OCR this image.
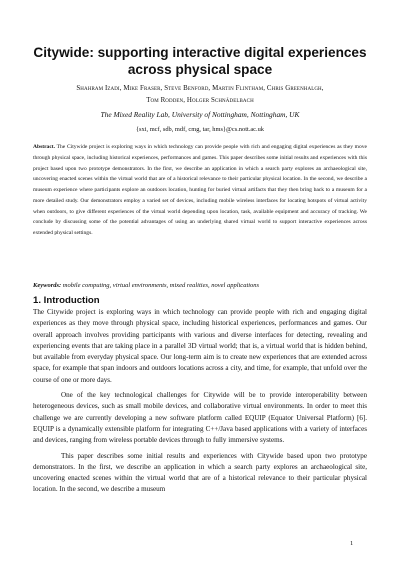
Citywide: supporting interactive digital experiences across physical space
Shahram Izadi, Mike Fraser, Steve Benford, Martin Flintham, Chris Greenhalgh,
Tom Rodden, Holger Schnädelbach
The Mixed Reality Lab, University of Nottingham, Nottingham, UK
{sxi, mcf, sdb, mdf, cmg, tar, hms}@cs.nott.ac.uk
Abstract. The Citywide project is exploring ways in which technology can provide people with rich and engaging digital experiences as they move through physical space, including historical experiences, performances and games. This paper describes some initial results and experiences with this project based upon two prototype demonstrators. In the first, we describe an application in which a search party explores an archaeological site, uncovering enacted scenes within the virtual world that are of a historical relevance to their particular physical location. In the second, we describe a museum experience where participants explore an outdoors location, hunting for buried virtual artifacts that they then bring back to a museum for a more detailed study. Our demonstrators employ a varied set of devices, including mobile wireless interfaces for locating hotspots of virtual activity when outdoors, to give different experiences of the virtual world depending upon location, task, available equipment and accuracy of tracking. We conclude by discussing some of the potential advantages of using an underlying shared virtual world to support interactive experiences across extended physical settings.
Keywords: mobile computing, virtual environments, mixed realities, novel applications
1. Introduction

The Citywide project is exploring ways in which technology can provide people with rich and engaging digital experiences as they move through physical space, including historical experiences, performances and games. Our overall approach involves providing participants with various and diverse interfaces for detecting, revealing and experiencing events that are taking place in a parallel 3D virtual world; that is, a virtual world that is hidden behind, but available from everyday physical space. Our long-term aim is to create new experiences that are extended across space, for example that span indoors and outdoors locations across a city, and time, for example, that unfold over the course of one or more days.

One of the key technological challenges for Citywide will be to provide interoperability between heterogeneous devices, such as small mobile devices, and collaborative virtual environments. In order to meet this challenge we are currently developing a new software platform called EQUIP (Equator Universal Platform) [6]. EQUIP is a dynamically extensible platform for integrating C++/Java based applications with a variety of interfaces and devices, ranging from wireless portable devices through to fully immersive systems.

This paper describes some initial results and experiences with Citywide based upon two prototype demonstrators. In the first, we describe an application in which a search party explores an archaeological site, uncovering enacted scenes within the virtual world that are of a historical relevance to their particular physical location. In the second, we describe a museum

1
